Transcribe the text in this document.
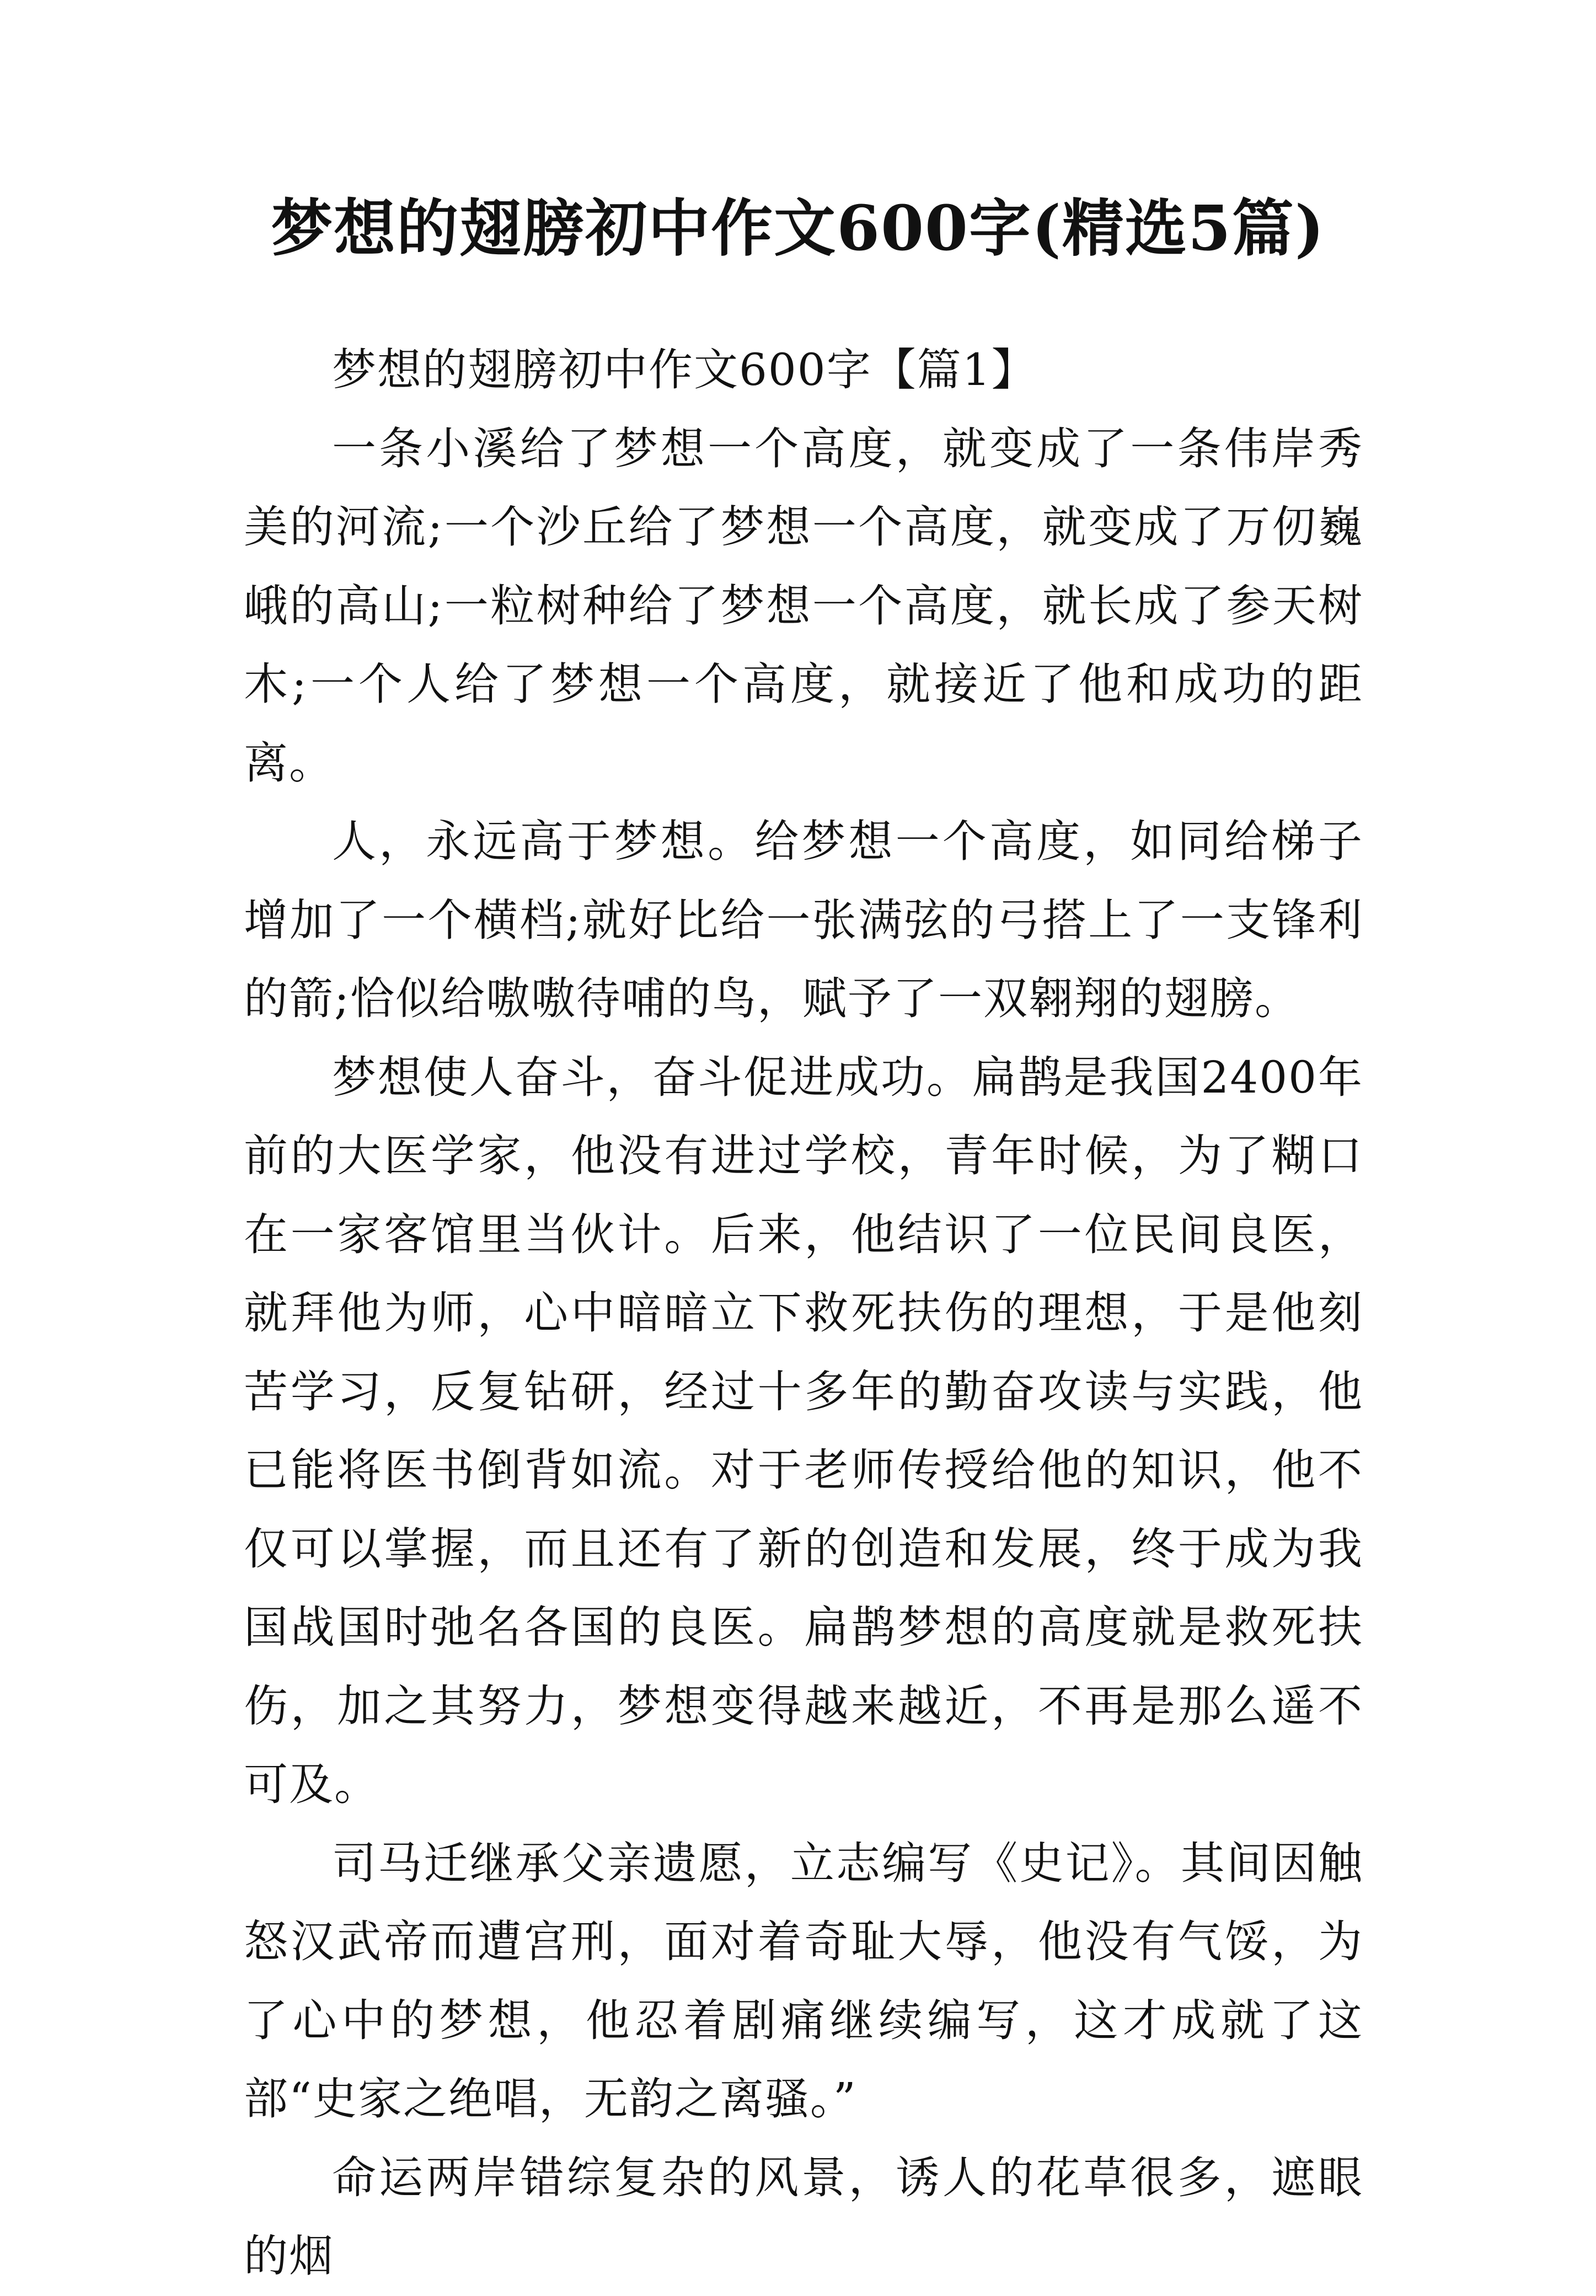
梦想的翅膀初中作文600字(精选5篇)

梦想的翅膀初中作文600字【篇1】

一条小溪给了梦想一个高度，就变成了一条伟岸秀美的河流;一个沙丘给了梦想一个高度，就变成了万仞巍峨的高山;一粒树种给了梦想一个高度，就长成了参天树木;一个人给了梦想一个高度，就接近了他和成功的距离。

人，永远高于梦想。给梦想一个高度，如同给梯子增加了一个横档;就好比给一张满弦的弓搭上了一支锋利的箭;恰似给嗷嗷待哺的鸟，赋予了一双翱翔的翅膀。

梦想使人奋斗，奋斗促进成功。扁鹊是我国2400年前的大医学家，他没有进过学校，青年时候，为了糊口在一家客馆里当伙计。后来，他结识了一位民间良医，就拜他为师，心中暗暗立下救死扶伤的理想，于是他刻苦学习，反复钻研，经过十多年的勤奋攻读与实践，他已能将医书倒背如流。对于老师传授给他的知识，他不仅可以掌握，而且还有了新的创造和发展，终于成为我国战国时弛名各国的良医。扁鹊梦想的高度就是救死扶伤，加之其努力，梦想变得越来越近，不再是那么遥不可及。

司马迁继承父亲遗愿，立志编写《史记》。其间因触怒汉武帝而遭宫刑，面对着奇耻大辱，他没有气馁，为了心中的梦想，他忍着剧痛继续编写，这才成就了这部“史家之绝唱，无韵之离骚。”

命运两岸错综复杂的风景，诱人的花草很多，遮眼的烟
